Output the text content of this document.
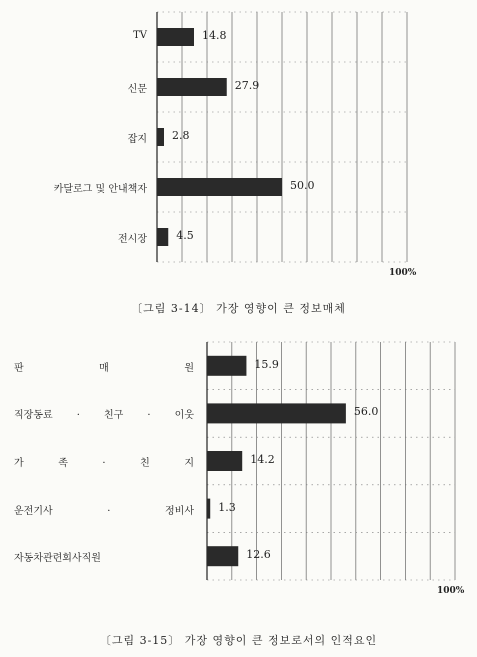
TV	14.8
신문	27.9
잡지 2.8
카달로그 및 안내책자	50.0
전시장	4.5
100%
〔그림 3-14〕 가장 영향이 큰 정보매체
판 매 원	15.9
직장동료 · 친구 · 이웃	56.0
가 족 · 친 지	14.2
운전기사 · 정비사 1.3
자동차관련회사직원	12.6
100%
〔그림 3-15〕 가장 영향이 큰 정보로서의 인적요인
